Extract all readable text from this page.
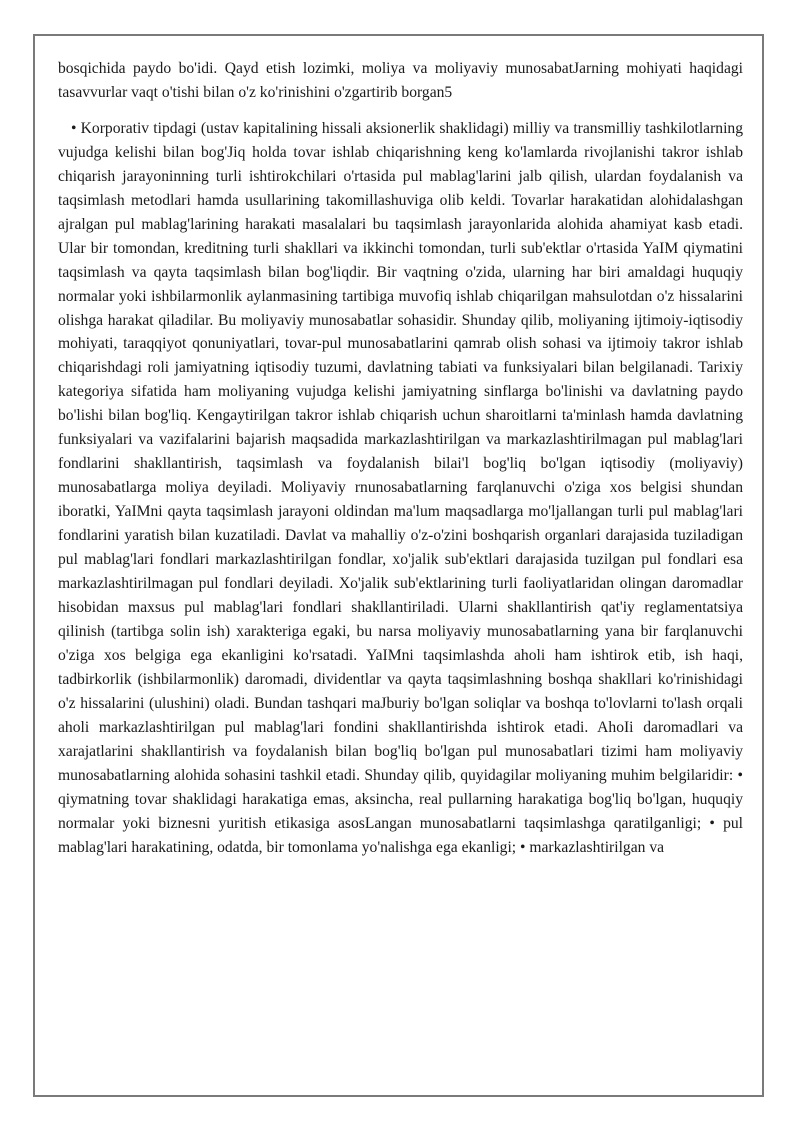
bosqichida paydo bo'idi. Qayd etish lozimki, moliya va moliyaviy munosabatJarning mohiyati haqidagi tasavvurlar vaqt o'tishi bilan o'z ko'rinishini o'zgartirib borgan5

• Korporativ tipdagi (ustav kapitalining hissali aksionerlik shaklidagi) milliy va transmilliy tashkilotlarning vujudga kelishi bilan bog'Jiq holda tovar ishlab chiqarishning keng ko'lamlarda rivojlanishi takror ishlab chiqarish jarayoninning turli ishtirokchilari o'rtasida pul mablag'larini jalb qilish, ulardan foydalanish va taqsimlash metodlari hamda usullarining takomillashuviga olib keldi. Tovarlar harakatidan alohidalashgan ajralgan pul mablag'larining harakati masalalari bu taqsimlash jarayonlarida alohida ahamiyat kasb etadi. Ular bir tomondan, kreditning turli shakllari va ikkinchi tomondan, turli sub'ektlar o'rtasida YaIM qiymatini taqsimlash va qayta taqsimlash bilan bog'liqdir. Bir vaqtning o'zida, ularning har biri amaldagi huquqiy normalar yoki ishbilarmonlik aylanmasining tartibiga muvofiq ishlab chiqarilgan mahsulotdan o'z hissalarini olishga harakat qiladilar. Bu moliyaviy munosabatlar sohasidir. Shunday qilib, moliyaning ijtimoiy-iqtisodiy mohiyati, taraqqiyot qonuniyatlari, tovar-pul munosabatlarini qamrab olish sohasi va ijtimoiy takror ishlab chiqarishdagi roli jamiyatning iqtisodiy tuzumi, davlatning tabiati va funksiyalari bilan belgilanadi. Tarixiy kategoriya sifatida ham moliyaning vujudga kelishi jamiyatning sinflarga bo'linishi va davlatning paydo bo'lishi bilan bog'liq. Kengaytirilgan takror ishlab chiqarish uchun sharoitlarni ta'minlash hamda davlatning funksiyalari va vazifalarini bajarish maqsadida markazlashtirilgan va markazlashtirilmagan pul mablag'lari fondlarini shakllantirish, taqsimlash va foydalanish bilai'l bog'liq bo'lgan iqtisodiy (moliyaviy) munosabatlarga moliya deyiladi. Moliyaviy rnunosabatlarning farqlanuvchi o'ziga xos belgisi shundan iboratki, YaIMni qayta taqsimlash jarayoni oldindan ma'lum maqsadlarga mo'ljallangan turli pul mablag'lari fondlarini yaratish bilan kuzatiladi. Davlat va mahalliy o'z-o'zini boshqarish organlari darajasida tuziladigan pul mablag'lari fondlari markazlashtirilgan fondlar, xo'jalik sub'ektlari darajasida tuzilgan pul fondlari esa markazlashtirilmagan pul fondlari deyiladi. Xo'jalik sub'ektlarining turli faoliyatlaridan olingan daromadlar hisobidan maxsus pul mablag'lari fondlari shakllantiriladi. Ularni shakllantirish qat'iy reglamentatsiya qilinish (tartibga solin ish) xarakteriga egaki, bu narsa moliyaviy munosabatlarning yana bir farqlanuvchi o'ziga xos belgiga ega ekanligini ko'rsatadi. YaIMni taqsimlashda aholi ham ishtirok etib, ish haqi, tadbirkorlik (ishbilarmonlik) daromadi, dividentlar va qayta taqsimlashning boshqa shakllari ko'rinishidagi o'z hissalarini (ulushini) oladi. Bundan tashqari maJburiy bo'lgan soliqlar va boshqa to'lovlarni to'lash orqali aholi markazlashtirilgan pul mablag'lari fondini shakllantirishda ishtirok etadi. AhoIi daromadlari va xarajatlarini shakllantirish va foydalanish bilan bog'liq bo'lgan pul munosabatlari tizimi ham moliyaviy munosabatlarning alohida sohasini tashkil etadi. Shunday qilib, quyidagilar moliyaning muhim belgilaridir: • qiymatning tovar shaklidagi harakatiga emas, aksincha, real pullarning harakatiga bog'liq bo'lgan, huquqiy normalar yoki biznesni yuritish etikasiga asosLangan munosabatlarni taqsimlashga qaratilganligi; • pul mablag'lari harakatining, odatda, bir tomonlama yo'nalishga ega ekanligi; • markazlashtirilgan va
